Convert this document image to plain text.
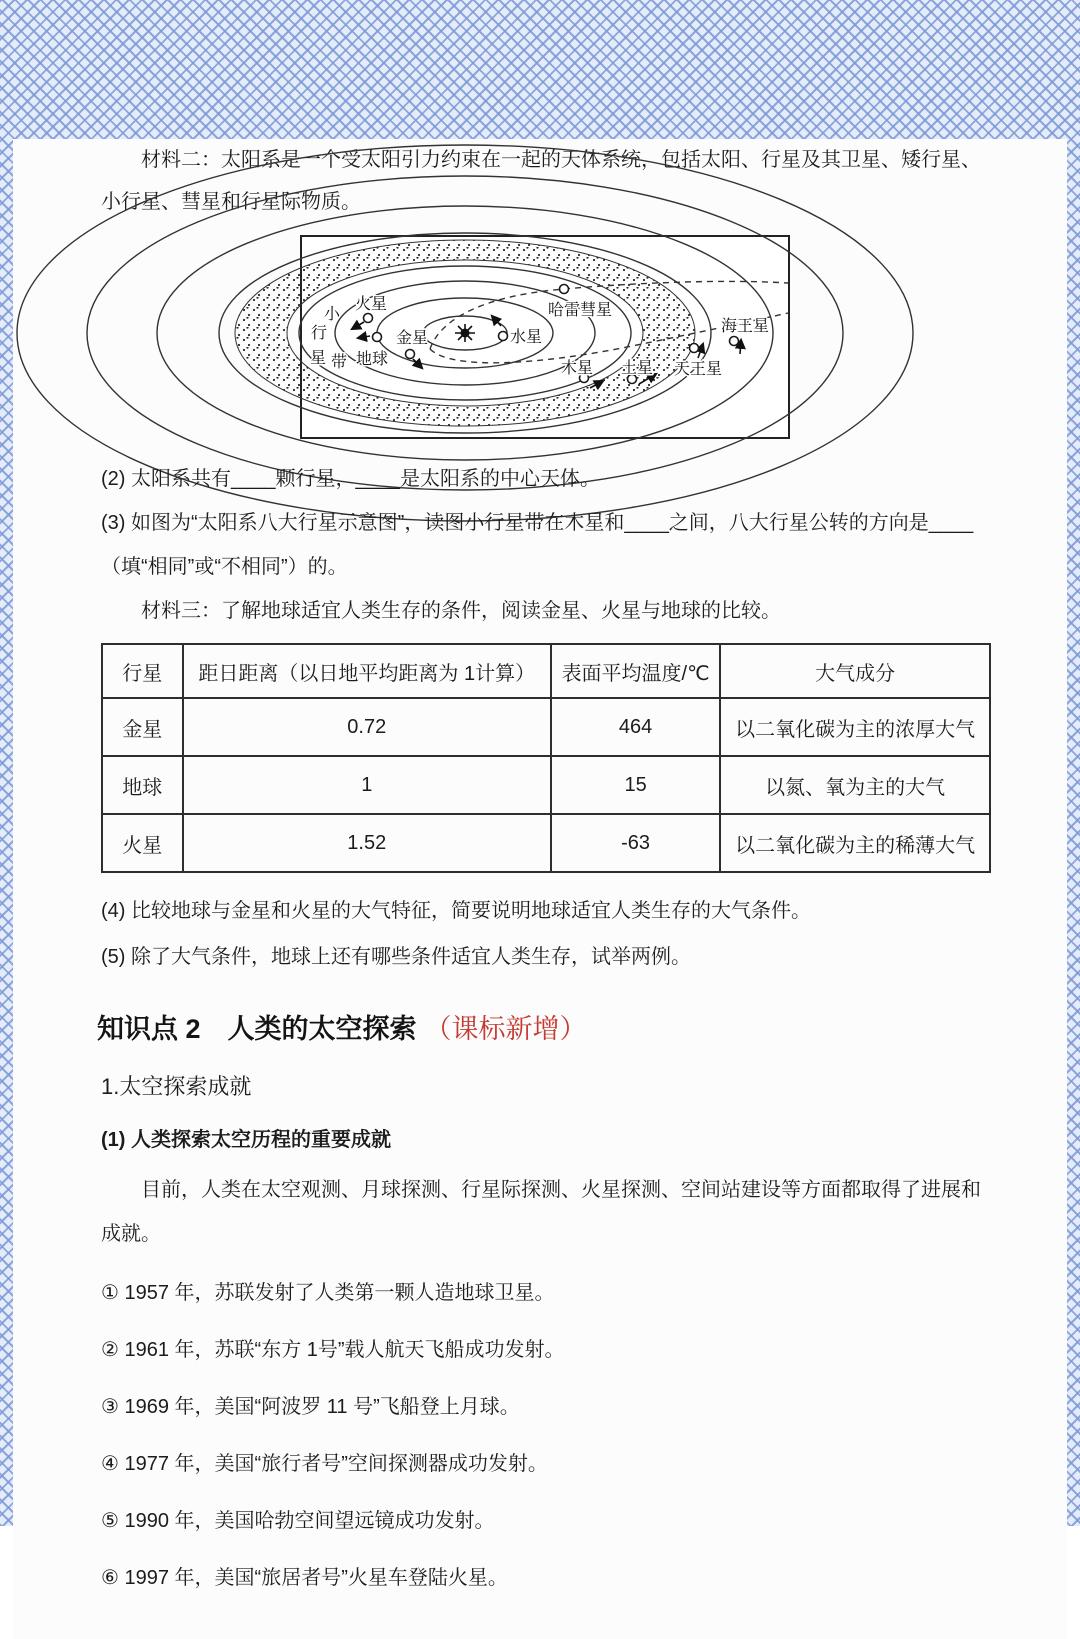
材料二：太阳系是一个受太阳引力约束在一起的天体系统，包括太阳、行星及其卫星、矮行星、小行星、彗星和行星际物质。

火星
金星	水星
地球
哈雷彗星
木星 土星 天王星
海王星
小
行
星 带

(2) 太阳系共有____颗行星，____是太阳系的中心天体。

(3) 如图为“太阳系八大行星示意图”，读图小行星带在木星和____之间，八大行星公转的方向是____（填“相同”或“不相同”）的。

材料三：了解地球适宜人类生存的条件，阅读金星、火星与地球的比较。

行星	距日距离（以日地平均距离为 1计算）	表面平均温度/℃	大气成分
金星	0.72	464	以二氧化碳为主的浓厚大气
地球	1	15	以氮、氧为主的大气
火星	1.52	-63	以二氧化碳为主的稀薄大气

(4) 比较地球与金星和火星的大气特征，简要说明地球适宜人类生存的大气条件。

(5) 除了大气条件，地球上还有哪些条件适宜人类生存，试举两例。

知识点 2　人类的太空探索 （课标新增）

1.太空探索成就

(1) 人类探索太空历程的重要成就

目前，人类在太空观测、月球探测、行星际探测、火星探测、空间站建设等方面都取得了进展和成就。

① 1957 年，苏联发射了人类第一颗人造地球卫星。

② 1961 年，苏联“东方 1号”载人航天飞船成功发射。

③ 1969 年，美国“阿波罗 11 号”飞船登上月球。

④ 1977 年，美国“旅行者号”空间探测器成功发射。

⑤ 1990 年，美国哈勃空间望远镜成功发射。

⑥ 1997 年，美国“旅居者号”火星车登陆火星。
